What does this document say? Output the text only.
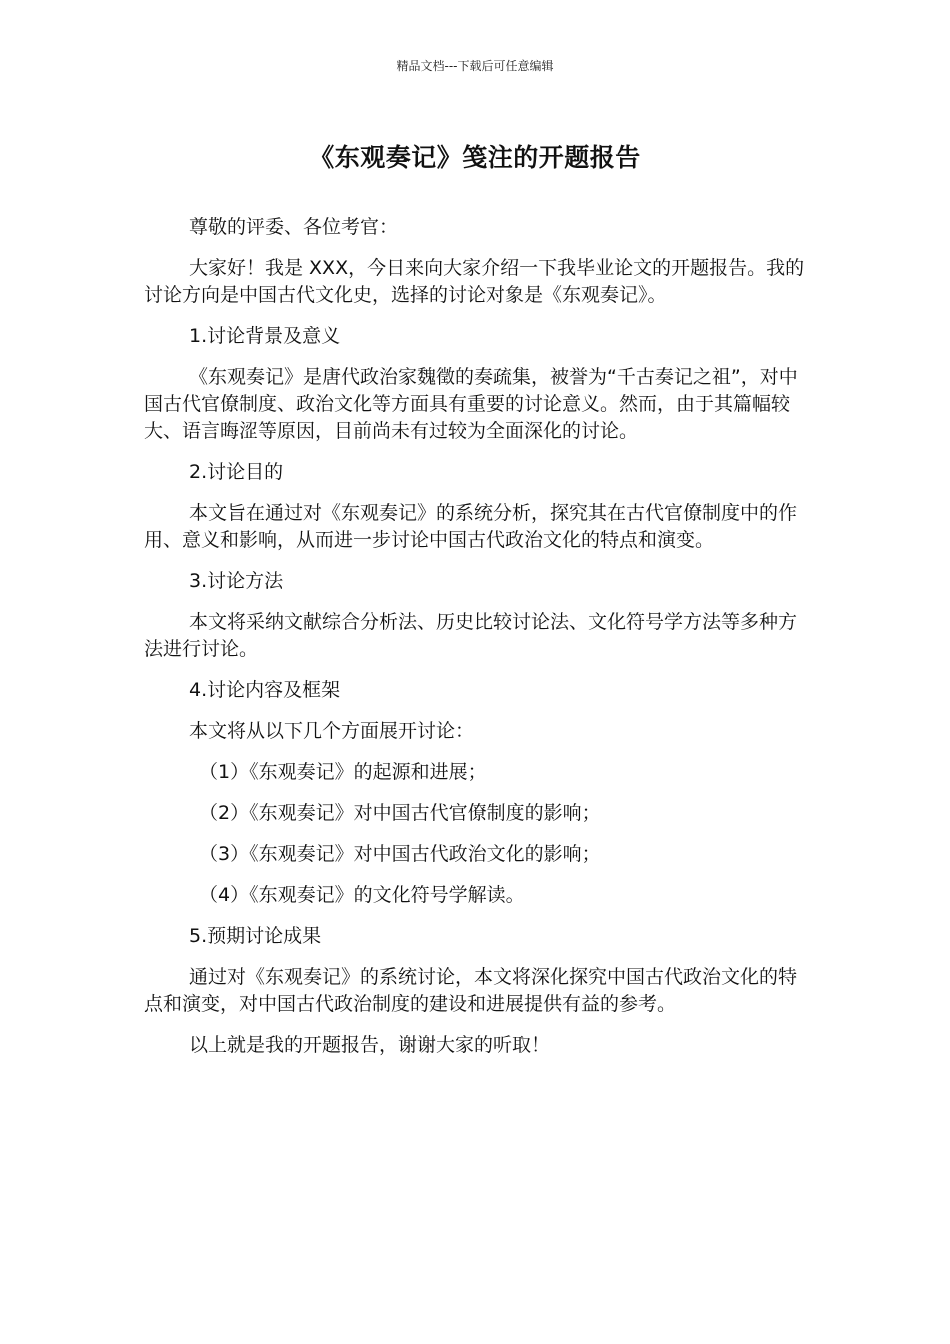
精品文档---下载后可任意编辑
《东观奏记》笺注的开题报告

尊敬的评委、各位考官：

大家好！我是 XXX，今日来向大家介绍一下我毕业论文的开题报告。我的讨论方向是中国古代文化史，选择的讨论对象是《东观奏记》。

1.讨论背景及意义

《东观奏记》是唐代政治家魏徵的奏疏集，被誉为“千古奏记之祖”，对中国古代官僚制度、政治文化等方面具有重要的讨论意义。然而，由于其篇幅较大、语言晦涩等原因，目前尚未有过较为全面深化的讨论。

2.讨论目的

本文旨在通过对《东观奏记》的系统分析，探究其在古代官僚制度中的作用、意义和影响，从而进一步讨论中国古代政治文化的特点和演变。

3.讨论方法

本文将采纳文献综合分析法、历史比较讨论法、文化符号学方法等多种方法进行讨论。

4.讨论内容及框架

本文将从以下几个方面展开讨论：

（1）《东观奏记》的起源和进展；

（2）《东观奏记》对中国古代官僚制度的影响；

（3）《东观奏记》对中国古代政治文化的影响；

（4）《东观奏记》的文化符号学解读。

5.预期讨论成果

通过对《东观奏记》的系统讨论，本文将深化探究中国古代政治文化的特点和演变，对中国古代政治制度的建设和进展提供有益的参考。

以上就是我的开题报告，谢谢大家的听取！
